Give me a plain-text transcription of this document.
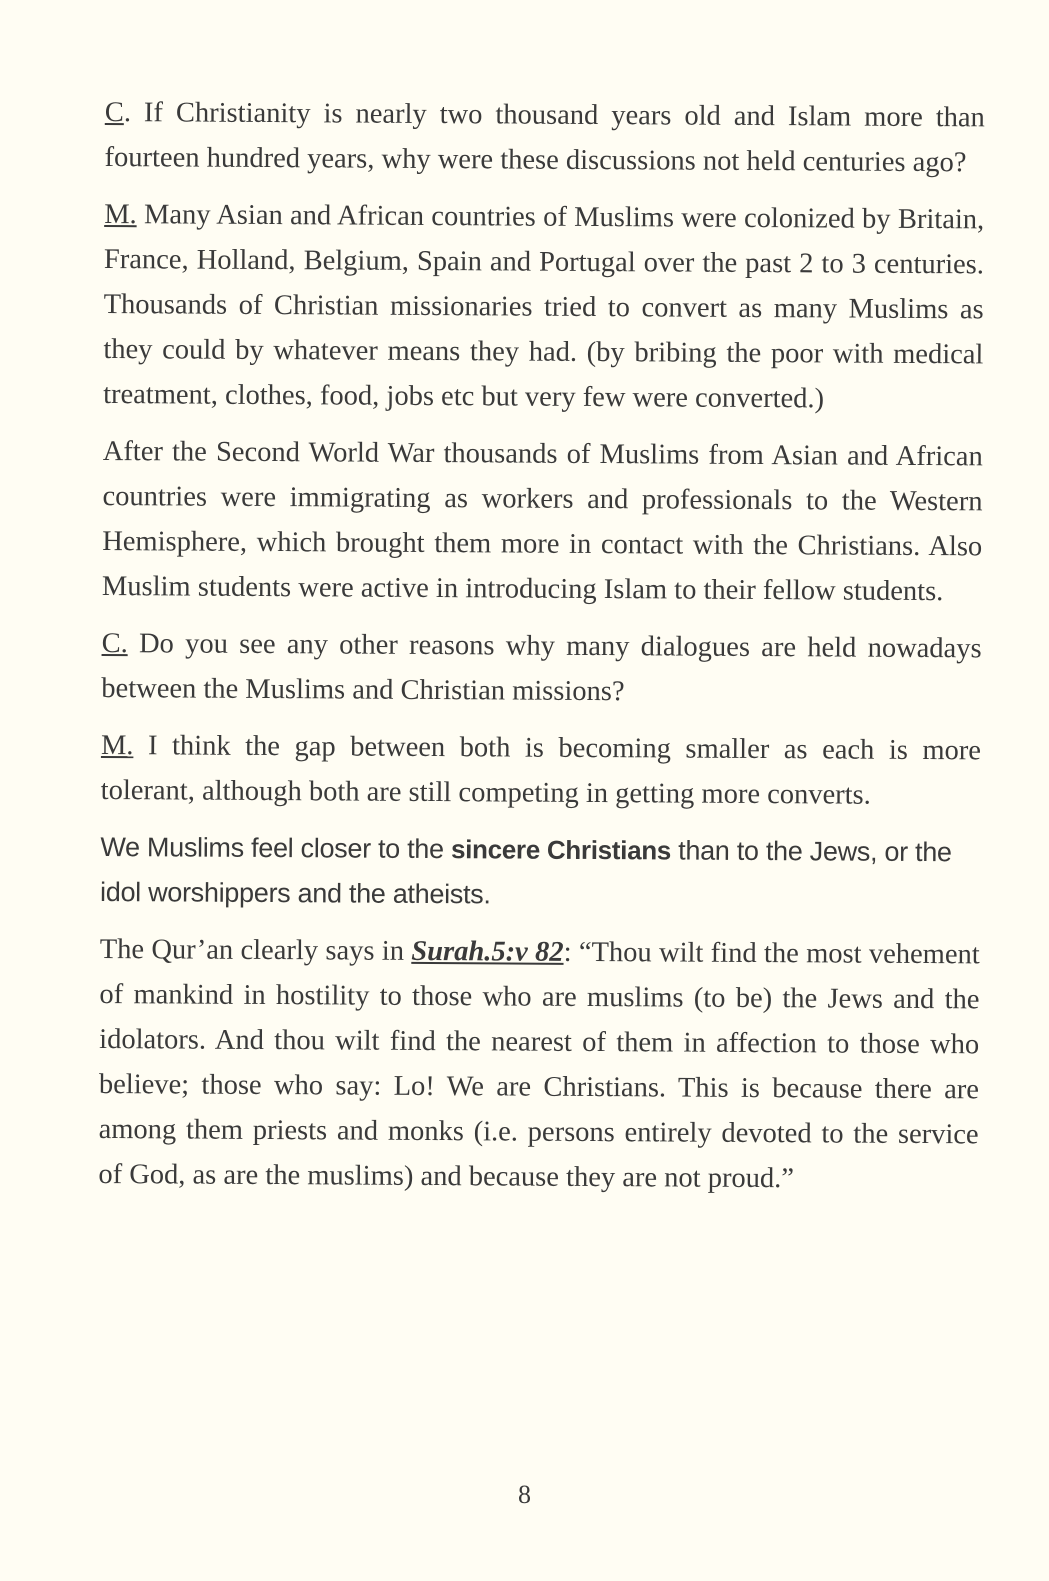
C. If Christianity is nearly two thousand years old and Islam more than fourteen hundred years, why were these discussions not held centuries ago?

M. Many Asian and African countries of Muslims were colonized by Britain, France, Holland, Belgium, Spain and Portugal over the past 2 to 3 centuries. Thousands of Christian missionaries tried to convert as many Muslims as they could by whatever means they had. (by bribing the poor with medical treatment, clothes, food, jobs etc but very few were converted.)

After the Second World War thousands of Muslims from Asian and African countries were immigrating as workers and professionals to the Western Hemisphere, which brought them more in contact with the Christians. Also Muslim students were active in introducing Islam to their fellow students.

C. Do you see any other reasons why many dialogues are held nowadays between the Muslims and Christian missions?

M. I think the gap between both is becoming smaller as each is more tolerant, although both are still competing in getting more converts.

We Muslims feel closer to the sincere Christians than to the Jews, or the idol worshippers and the atheists.

The Qur’an clearly says in Surah.5:v 82: “Thou wilt find the most vehement of mankind in hostility to those who are muslims (to be) the Jews and the idolators. And thou wilt find the nearest of them in affection to those who believe; those who say: Lo! We are Christians. This is because there are among them priests and monks (i.e. persons entirely devoted to the service of God, as are the muslims) and because they are not proud.”

8
